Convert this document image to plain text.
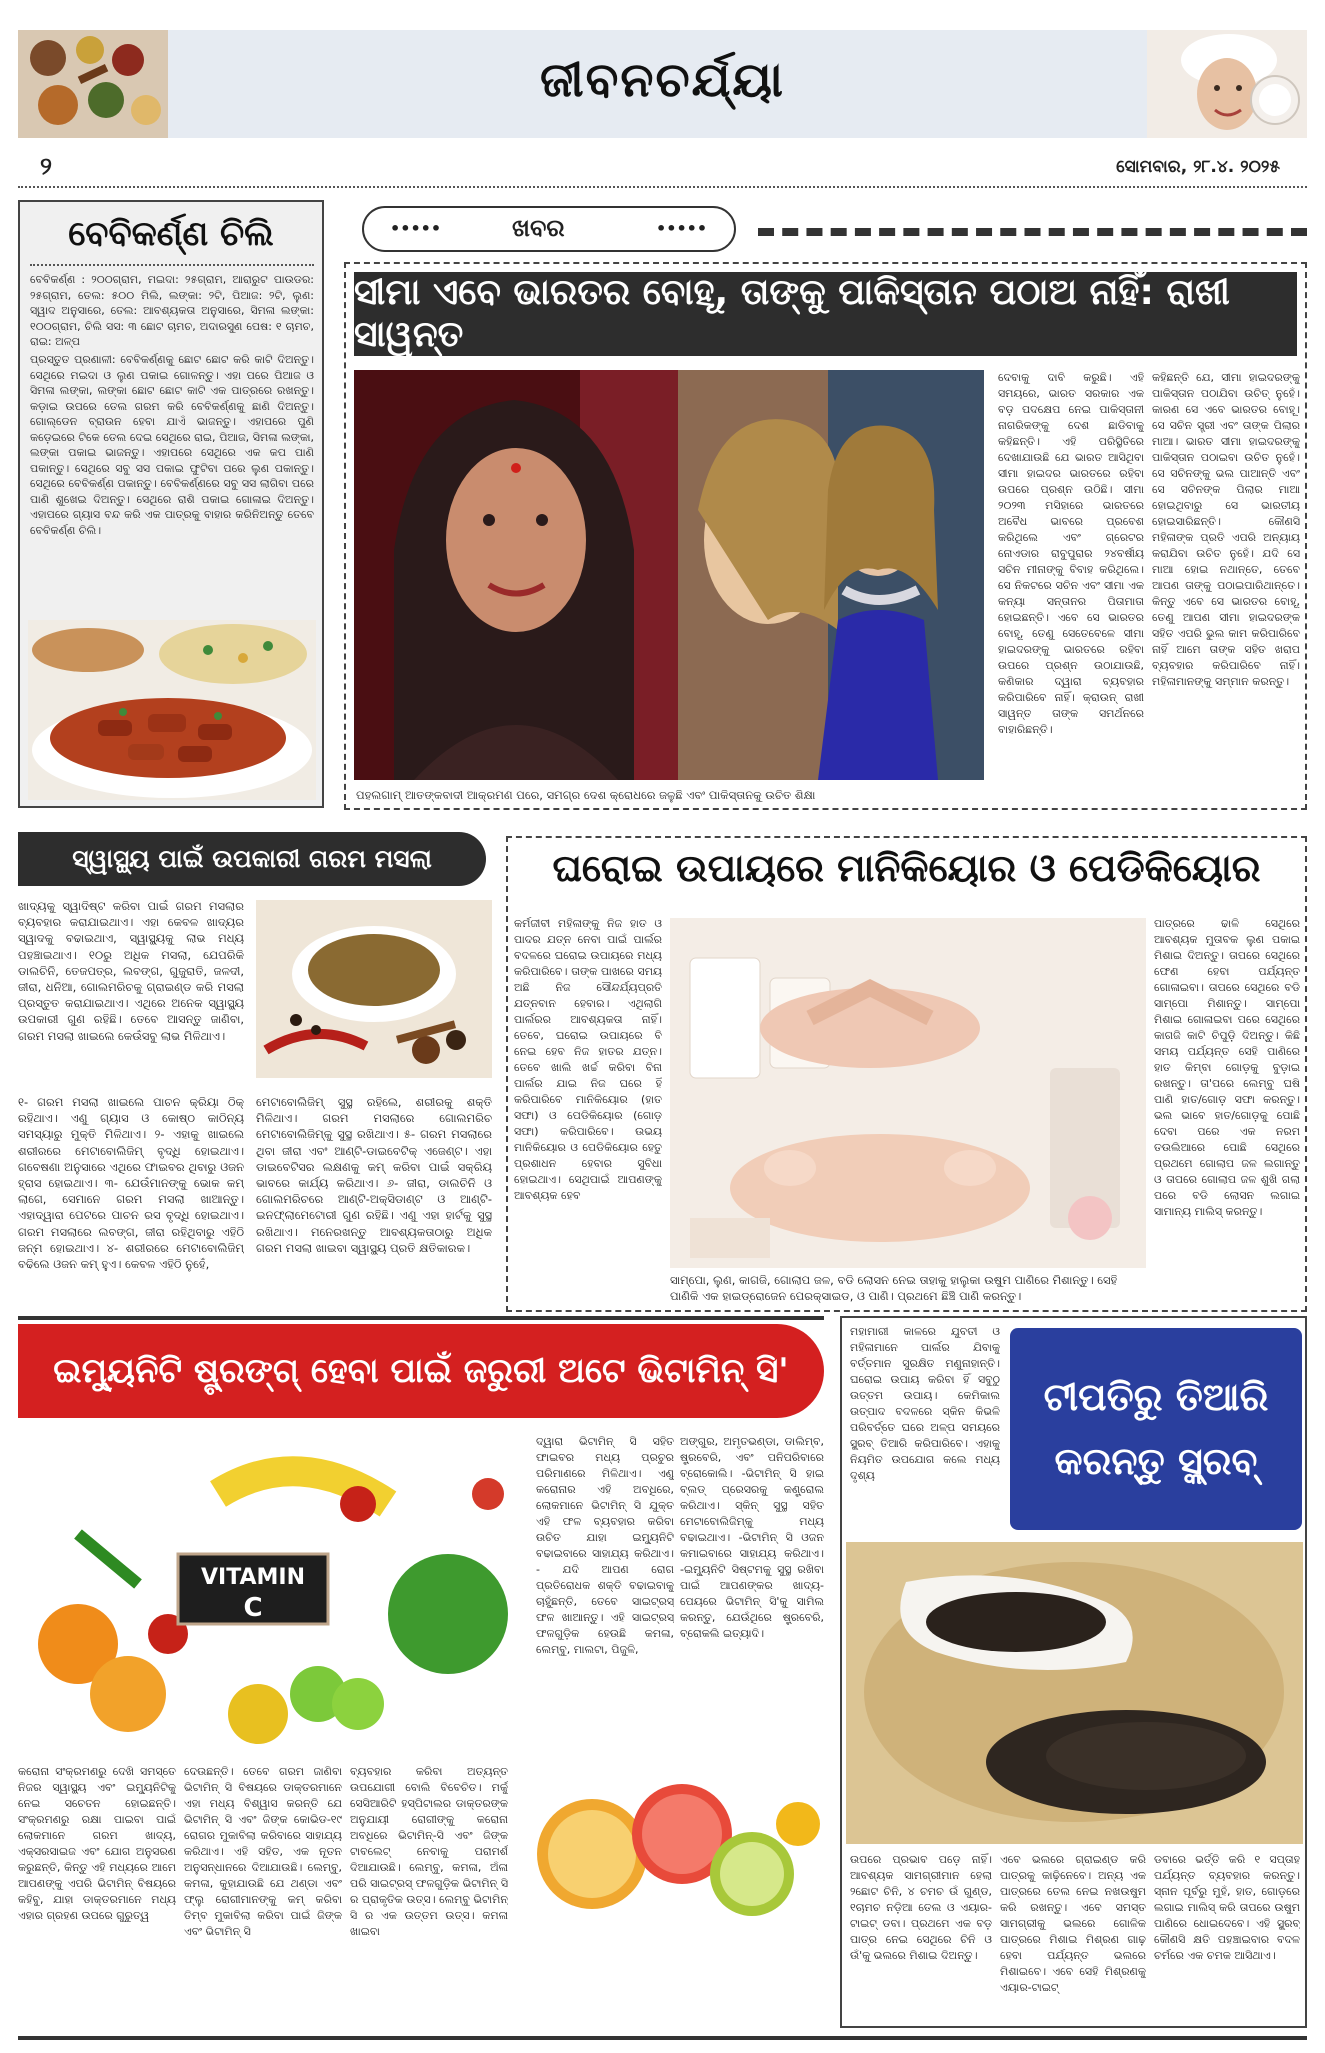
ଜୀବନଚର୍ଯ୍ୟା
୨	ସୋମବାର, ୨୮.୪. ୨୦୨୫
ବେବିକର୍ଣ୍ଣ ଚିଲି
ବେବିକର୍ଣ୍ଣ : ୨୦୦ଗ୍ରାମ, ମଇଦା: ୨୫ଗ୍ରାମ, ଆରାରୁଟ ପାଉଡର: ୨୫ଗ୍ରାମ, ତେଲ: ୫୦୦ ମିଲି, ଲଙ୍କା: ୨ଟି, ପିଆଜ: ୨ଟି, ଲୁଣ: ସ୍ୱାଦ ଅନୁସାରେ, ତେଲ: ଆବଶ୍ୟକତା ଅନୁସାରେ, ସିମଳା ଲଙ୍କା: ୧୦୦ଗ୍ରାମ, ଚିଲି ସସ: ୩ ଛୋଟ ଚାମଚ, ଅଦାରସୁଣ ପେଷ: ୧ ଚାମଚ, ରାଇ: ଅଳ୍ପ
ପ୍ରସ୍ତୁତ ପ୍ରଣାଳୀ: ବେବିକର୍ଣ୍ଣକୁ ଛୋଟ ଛୋଟ କରି କାଟି ଦିଅନ୍ତୁ। ସେଥିରେ ମଇଦା ଓ ଲୁଣ ପକାଇ ଗୋଳନ୍ତୁ। ଏହା ପରେ ପିଆଜ ଓ ସିମଳା ଲଙ୍କା, ଲଙ୍କା ଛୋଟ ଛୋଟ କାଟି ଏକ ପାତ୍ରରେ ରଖନ୍ତୁ। କଡ଼ାଇ ଉପରେ ତେଲ ଗରମ କରି ବେବିକର୍ଣ୍ଣକୁ ଛାଣି ଦିଅନ୍ତୁ। ଗୋଲ୍ଡେନ ବ୍ରାଉନ ହେବା ଯାଏଁ ଭାଜନ୍ତୁ। ଏହାପରେ ପୁଣି କଡ଼େଇରେ ଟିକେ ତେଲ ଦେଇ ସେଥିରେ ରାଇ, ପିଆଜ, ସିମଳା ଲଙ୍କା, ଲଙ୍କା ପକାଇ ଭାଜନ୍ତୁ। ଏହାପରେ ସେଥିରେ ଏକ କପ ପାଣି ପକାନ୍ତୁ। ସେଥିରେ ସବୁ ସସ ପକାଇ ଫୁଟିବା ପରେ ଲୁଣ ପକାନ୍ତୁ। ସେଥିରେ ବେବିକର୍ଣ୍ଣ ପକାନ୍ତୁ। ବେବିକର୍ଣ୍ଣରେ ସବୁ ସସ ଲାଗିବା ପରେ ପାଣି ଶୁଖେଇ ଦିଅନ୍ତୁ। ସେଥିରେ ରାଶି ପକାଇ ଗୋଳାଇ ଦିଅନ୍ତୁ। ଏହାପରେ ଗ୍ୟାସ ବନ୍ଦ କରି ଏକ ପାତ୍ରକୁ ବାହାର କରିନିଅନ୍ତୁ ତେବେ ବେବିକର୍ଣ୍ଣ ଚିଲି।
•••••	ଖବର	•••••
ସୀମା ଏବେ ଭାରତର ବୋହୂ, ତାଙ୍କୁ ପାକିସ୍ତାନ ପଠାଅ ନାହିଁ: ରାଖୀ ସାୱନ୍ତ
ଦେବାକୁ ଦାବି କରୁଛି। ଏହି ସମୟରେ, ଭାରତ ସରକାର ଏକ ବଡ଼ ପଦକ୍ଷେପ ନେଇ ପାକିସ୍ତାନୀ ନାଗରିକଙ୍କୁ ଦେଶ ଛାଡିବାକୁ କହିଛନ୍ତି। ଏହି ପରିସ୍ଥିତିରେ ଦେଖାଯାଉଛି ଯେ ଭାରତ ଆସିଥିବା ସୀମା ହାଇଦର ଭାରତରେ ରହିବା ଉପରେ ପ୍ରଶ୍ନ ଉଠିଛି। ସୀମା ୨୦୨୩ ମସିହାରେ ଭାରତରେ ଅବୈଧ ଭାବରେ ପ୍ରବେଶ କରିଥିଲେ ଏବଂ ଗ୍ରେଟର ନୋଏଡାର ରାବୁପୁରାର ୨୪ବର୍ଷୀୟ ସଚିନ ମୀନାଙ୍କୁ ବିବାହ କରିଥିଲେ। ସେ ନିକଟରେ ସଚିନ ଏବଂ ସୀମା ଏକ କନ୍ୟା ସନ୍ତାନର ପିତାମାତା ହୋଇଛନ୍ତି। ଏବେ ସେ ଭାରତର ବୋହୂ, ତେଣୁ ସେତେବେଳେ ସୀମା ହାଇଦରଙ୍କୁ ଭାରତରେ ରହିବା ଉପରେ ପ୍ରଶ୍ନ ଉଠାଯାଉଛି, କଣିକାର ଦ୍ୱାରା ବ୍ୟବହାର କରିପାରିବେ ନାହିଁ। କ୍ରାଉନ୍ ରାଖୀ ସାୱନ୍ତ ତାଙ୍କ ସମର୍ଥନରେ ବାହାରିଛନ୍ତି।
କହିଛନ୍ତି ଯେ, ସୀମା ହାଇଦରଙ୍କୁ ପାକିସ୍ତାନ ପଠାଯିବା ଉଚିତ୍ ନୁହେଁ। କାରଣ ସେ ଏବେ ଭାରତର ବୋହୂ। ସେ ସଚିନ ସ୍ତ୍ରୀ ଏବଂ ତାଙ୍କ ପିଲାର ମାଆ। ଭାରତ ସୀମା ହାଇଦରଙ୍କୁ ପାକିସ୍ତାନ ପଠାଇବା ଉଚିତ ନୁହେଁ। ସେ ସଚିନଙ୍କୁ ଭଲ ପାଆନ୍ତି ଏବଂ ସେ ସଚିନଙ୍କ ପିଲାର ମାଆ ହୋଇଥିବାରୁ ସେ ଭାରତୀୟ ହୋଇସାରିଛନ୍ତି। କୌଣସି ମହିଳାଙ୍କ ପ୍ରତି ଏପରି ଅନ୍ୟାୟ କରାଯିବା ଉଚିତ ନୁହେଁ। ଯଦି ସେ ମାଆ ହୋଇ ନଥାନ୍ତେ, ତେବେ ଆପଣ ତାଙ୍କୁ ପଠାଇପାରିଥାନ୍ତେ। କିନ୍ତୁ ଏବେ ସେ ଭାରତର ବୋହୂ, ତେଣୁ ଆପଣ ସୀମା ହାଇଦରଙ୍କ ସହିତ ଏପରି ଭୁଲ କାମ କରିପାରିବେ ନାହିଁ ଆମେ ତାଙ୍କ ସହିତ ଖରାପ ବ୍ୟବହାର କରିପାରିବେ ନାହିଁ। ମହିଳାମାନଙ୍କୁ ସମ୍ମାନ କରନ୍ତୁ।
ପହଲଗାମ୍ ଆତଙ୍କବାଦୀ ଆକ୍ରମଣ ପରେ, ସମଗ୍ର ଦେଶ କ୍ରୋଧରେ ଜଳୁଛି ଏବଂ ପାକିସ୍ତାନକୁ ଉଚିତ ଶିକ୍ଷା
ସ୍ୱାସ୍ଥ୍ୟ ପାଇଁ ଉପକାରୀ ଗରମ ମସଲା
ଖାଦ୍ୟକୁ ସ୍ୱାଦିଷ୍ଟ କରିବା ପାଇଁ ଗରମ ମସଲାର ବ୍ୟବହାର କରାଯାଇଥାଏ। ଏହା କେବଳ ଖାଦ୍ୟର ସ୍ୱାଦକୁ ବଢାଇଥାଏ, ସ୍ୱାସ୍ଥ୍ୟକୁ ଲାଭ ମଧ୍ୟ ପହଞ୍ଚାଇଥାଏ। ୧୦ରୁ ଅଧିକ ମସଲା, ଯେପରିକି ଡାଲଚିନି, ତେଜପତ୍ର, ଲବଙ୍ଗ, ଗୁଜୁରାତି, ଜଳଦୀ, ଜୀରା, ଧନିଆ, ଗୋଲମରିଚକୁ ଗ୍ରାଇଣ୍ଡ କରି ମସଲା ପ୍ରସ୍ତୁତ କରାଯାଇଥାଏ। ଏଥିରେ ଅନେକ ସ୍ୱାସ୍ଥ୍ୟ ଉପକାରୀ ଗୁଣ ରହିଛି। ତେବେ ଆସନ୍ତୁ ଜାଣିବା, ଗରମ ମସଲା ଖାଇଲେ କେଉଁସବୁ ଲାଭ ମିଳିଥାଏ।
୧- ଗରମ ମସଲା ଖାଇଲେ ପାଚନ କ୍ରିୟା ଠିକ୍ ରହିଥାଏ। ଏଣୁ ଗ୍ୟାସ ଓ କୋଷ୍ଠ କାଠିନ୍ୟ ସମସ୍ୟାରୁ ମୁକ୍ତି ମିଳିଥାଏ। ୨- ଏହାକୁ ଖାଇଲେ ଶରୀରରେ ମେଟାବୋଲିଜିମ୍ ବୃଦ୍ଧି ହୋଇଥାଏ। ଗବେଷଣା ଅନୁସାରେ ଏଥିରେ ଫାଇବର ଥିବାରୁ ଓଜନ ହ୍ରାସ ହୋଇଥାଏ। ୩- ଯେଉଁମାନଙ୍କୁ ଭୋକ କମ୍ ଲାଗେ, ସେମାନେ ଗରମ ମସଲା ଖାଆନ୍ତୁ। ଏହାଦ୍ୱାରା ପେଟରେ ପାଚନ ରସ ବୃଦ୍ଧି ହୋଇଥାଏ। ଗରମ ମସଲାରେ ଲବଙ୍ଗ, ଜୀରା ରହିଥିବାରୁ ଏହିଠି ଜନ୍ମ ହୋଇଥାଏ। ୪- ଶରୀରରେ ମେଟାବୋଲିଜିମ୍ ବଢିଲେ ଓଜନ କମ୍ ହୁଏ। କେବଳ ଏହିଠି ନୁହେଁ,
ମେଟାବୋଲିଜିମ୍ ସୁସ୍ଥ ରହିଲେ, ଶରୀରକୁ ଶକ୍ତି ମିଳିଥାଏ। ଗରମ ମସଲାରେ ଗୋଲମରିଚ ମେଟାବୋଲିଜିମ୍କୁ ସୁସ୍ଥ ରଖିଥାଏ। ୫- ଗରମ ମସଲାରେ ଥିବା ଜୀରା ଏବଂ ଆଣ୍ଟି-ଡାଇବେଟିକ୍ ଏଜେଣ୍ଟ। ଏହା ଡାଇବେଟିସର ଲକ୍ଷଣକୁ କମ୍ କରିବା ପାଇଁ ସକ୍ରିୟ ଭାବରେ କାର୍ଯ୍ୟ କରିଥାଏ। ୬- ଜୀରା, ଡାଲଚିନି ଓ ଗୋଲମରିଚରେ ଆଣ୍ଟି-ଅକ୍ସିଡାଣ୍ଟ ଓ ଆଣ୍ଟି-ଇନଫ୍ଲାମେଟୋରୀ ଗୁଣ ରହିଛି। ଏଣୁ ଏହା ହାର୍ଟକୁ ସୁସ୍ଥ ରଖିଥାଏ। ମନେରଖନ୍ତୁ ଆବଶ୍ୟକତାଠାରୁ ଅଧିକ ଗରମ ମସଲା ଖାଇବା ସ୍ୱାସ୍ଥ୍ୟ ପ୍ରତି କ୍ଷତିକାରକ।
ଘରୋଇ ଉପାୟରେ ମାନିକିୟୋର ଓ ପେଡିକିୟୋର
କର୍ମଜୀବୀ ମହିଳାଙ୍କୁ ନିଜ ହାତ ଓ ପାଦର ଯତ୍ନ ନେବା ପାଇଁ ପାର୍ଲର ବଦଳରେ ଘରୋଇ ଉପାୟରେ ମଧ୍ୟ କରିପାରିବେ। ତାଙ୍କ ପାଖରେ ସମୟ ଅଛି ନିଜ ସୌନ୍ଦର୍ଯ୍ୟପ୍ରତି ଯତ୍ନବାନ ହେବାର। ଏଥିଲାଗି ପାର୍ଲରର ଆବଶ୍ୟକତା ନାହିଁ। ତେବେ, ଘରୋଇ ଉପାୟରେ ବି ନେଇ ହେବ ନିଜ ହାତର ଯତ୍ନ। ତେବେ ଖାଲି ଖର୍ଚ୍ଚ କରିବା ବିନା ପାର୍ଲର ଯାଇ ନିଜ ଘରେ ହିଁ କରିପାରିବେ ମାନିକିୟୋର (ହାତ ସଫା) ଓ ପେଡିକିୟୋର (ଗୋଡ଼ ସଫା) କରିପାରିବେ। ଉଭୟ ମାନିକିୟୋର ଓ ପେଡିକିୟୋର ହେତୁ ପ୍ରଶାଧନ ହେବାର ସୁବିଧା ହୋଇଥାଏ। ସେଥିପାଇଁ ଆପଣଙ୍କୁ ଆବଶ୍ୟକ ହେବ
ସାମ୍ପୋ, ଲୁଣ, କାଗଜି, ଗୋଲାପ ଜଳ, ବଡି ଲୋସନ ନେଇ ତାହାକୁ ହାଲୁକା ଉଷୁମ ପାଣିରେ ମିଶାନ୍ତୁ। ସେହି ପାଣିକି ଏକ ହାଇଡ୍ରୋଜେନ ପେରକ୍ସାଇଡ, ଓ ପାଣି। ପ୍ରଥମେ ଛିଞ୍ଚି ପାଣି କରନ୍ତୁ।
ପାତ୍ରରେ ଢାଳି ସେଥିରେ ଆବଶ୍ୟକ ମୁତାବକ ଲୁଣ ପକାଇ ମିଶାଇ ଦିଅନ୍ତୁ। ତାପରେ ସେଥିରେ ଫେଣ ହେବା ପର୍ଯ୍ୟନ୍ତ ଗୋଳାଇବା। ତାପରେ ସେଥିରେ ବଡି ସାମ୍ପୋ ମିଶାନ୍ତୁ। ସାମ୍ପୋ ମିଶାଇ ଗୋଳାଇବା ପରେ ସେଥିରେ କାଗଜି କାଟି ଚିପୁଡ଼ି ଦିଅନ୍ତୁ। କିଛି ସମୟ ପର୍ଯ୍ୟନ୍ତ ସେହି ପାଣିରେ ହାତ କିମ୍ବା ଗୋଡ଼କୁ ବୁଡ଼ାଇ ରଖନ୍ତୁ। ତା'ପରେ ଲେମ୍ବୁ ଘଷି ପାଣି ହାତ/ଗୋଡ଼ ସଫା କରନ୍ତୁ। ଭଲ ଭାବେ ହାତ/ଗୋଡ଼କୁ ପୋଛି ଦେବା ପରେ ଏକ ନରମ ତଉଲିଆରେ ପୋଛି ସେଥିରେ ପ୍ରଥମେ ଗୋଲାପ ଜଳ ଲଗାନ୍ତୁ ଓ ତାପରେ ଗୋଲାପ ଜଳ ଶୁଖି ଗଲା ପରେ ବଡି ଲୋସନ ଲଗାଇ ସାମାନ୍ୟ ମାଲିସ୍ କରନ୍ତୁ।
ଇମ୍ୟୁନିଟି ଷ୍ଟ୍ରଙ୍ଗ୍ ହେବା ପାଇଁ ଜରୁରୀ ଅଟେ ଭିଟାମିନ୍ ସି'
VITAMIN
C
ଦ୍ୱାରା ଭିଟାମିନ୍ ସି ସହିତ ଫାଇବର ମଧ୍ୟ ପ୍ରଚୁର ପରିମାଣରେ ମିଳିଥାଏ। ଏଣୁ କରୋନାର ଏହି ଅବଧିରେ, ଲୋକମାନେ ଭିଟାମିନ୍ ସି ଯୁକ୍ତ ଏହି ଫଳ ବ୍ୟବହାର କରିବା ଉଚିତ ଯାହା ଇମ୍ୟୁନିଟି ବଢାଇବାରେ ସାହାଯ୍ୟ କରିଥାଏ। - ଯଦି ଆପଣ ରୋଗ ପ୍ରତିରୋଧକ ଶକ୍ତି ବଢାଇବାକୁ ଚାହୁଁଛନ୍ତି, ତେବେ ସାଇଟ୍ରସ୍ ଫଳ ଖାଆନ୍ତୁ। ଏହି ସାଇଟ୍ରସ୍ ଫଳଗୁଡ଼ିକ ହେଉଛି କମଳା, ଲେମ୍ବୁ, ମାଲଟା, ପିଜୁଳି,
ଅଙ୍ଗୁର, ଅମୃତଭଣ୍ଡା, ଡାଲିମ୍ବ, ଷ୍ଟ୍ରବେରି, ଏବଂ ପନିପରିବାରେ ବ୍ରୋକୋଲି। -ଭିଟାମିନ୍ ସି ହାଇ ବ୍ଲଡ୍ ପ୍ରେସରକୁ କଣ୍ଟ୍ରୋଲ କରିଥାଏ। ସ୍କିନ୍ ସୁସ୍ଥ ସହିତ ମେଟାବୋଲିଜିମ୍କୁ ମଧ୍ୟ ବଢାଇଥାଏ। -ଭିଟାମିନ୍ ସି ଓଜନ କମାଇବାରେ ସାହାଯ୍ୟ କରିଥାଏ। -ଇମ୍ୟୁନିଟି ସିଷ୍ଟମକୁ ସୁସ୍ଥ ରଖିବା ପାଇଁ ଆପଣଙ୍କର ଖାଦ୍ୟ-ପେୟରେ ଭିଟାମିନ୍ ସି'କୁ ସାମିଲ କରନ୍ତୁ, ଯେଉଁଥିରେ ଷ୍ଟ୍ରବେରି, ବ୍ରୋକଲି ଇତ୍ୟାଦି।
କରୋନା ସଂକ୍ରମଣରୁ ଦେଖି ସମସ୍ତେ ନିଜର ସ୍ୱାସ୍ଥ୍ୟ ଏବଂ ଇମ୍ୟୁନିଟିକୁ ନେଇ ସଚେତନ ହୋଇଛନ୍ତି। ସଂକ୍ରମଣରୁ ରକ୍ଷା ପାଇବା ପାଇଁ ଲୋକମାନେ ଗରମ ଖାଦ୍ୟ, ଏକ୍ସରସାଇଜ ଏବଂ ଯୋଗ ଅନୁସରଣ କରୁଛନ୍ତି, କିନ୍ତୁ ଏହି ମଧ୍ୟରେ ଆମେ ଆପଣଙ୍କୁ ଏପରି ଭିଟାମିନ୍ ବିଷୟରେ କହିବୁ, ଯାହା ଡାକ୍ତରମାନେ ମଧ୍ୟ ଏହାର ଗ୍ରହଣ ଉପରେ ଗୁରୁତ୍ୱ
ଦେଉଛନ୍ତି। ତେବେ ଗରମ ଜାଣିବା ଭିଟାମିନ୍ ସି ବିଷୟରେ ଡାକ୍ତରମାନେ ଏହା ମଧ୍ୟ ବିଶ୍ୱାସ କରନ୍ତି ଯେ ଭିଟାମିନ୍ ସି ଏବଂ ଜିଙ୍କ କୋଭିଡ-୧୯ ରୋଗର ମୁକାବିଲା କରିବାରେ ସାହାଯ୍ୟ କରିଥାଏ। ଏହି ସହିତ, ଏକ ନୂତନ ଅନୁସନ୍ଧାନରେ ଦିଆଯାଉଛି। ଲେମ୍ବୁ, କମଳା, କୁହାଯାଉଛି ଯେ ଥଣ୍ଡା ଏବଂ ଫ୍ଲୁ ରୋଗୀମାନଙ୍କୁ କମ୍ କରିବା ତିମ୍ବ ମୁକାବିଲା କରିବା ପାଇଁ ଜିଙ୍କ ଏବଂ ଭିଟାମିନ୍ ସି
ବ୍ୟବହାର କରିବା ଅତ୍ୟନ୍ତ ଉପଯୋଗୀ ବୋଲି ବିବେଚିତ। ମର୍କୁ ସେସିଆରିଟି ହସ୍ପିଟାଲର ଡାକ୍ତରଙ୍କ ଅନୁଯାୟୀ ରୋଗୀଙ୍କୁ କରୋନା ଅବଧିରେ ଭିଟାମିନ୍-ସି ଏବଂ ଜିଙ୍କ ଟାବଲେଟ୍ ନେବାକୁ ପରାମର୍ଶ ଦିଆଯାଉଛି। ଲେମ୍ବୁ, କମଳା, ଅଁଳା ପରି ସାଇଟ୍ରସ୍ ଫଳଗୁଡ଼ିକ ଭିଟାମିନ୍ ସି ର ପ୍ରାକୃତିକ ଉତ୍ସ। ଲେମ୍ବୁ ଭିଟାମିନ୍ ସି ର ଏକ ଉତ୍ତମ ଉତ୍ସ। କମଳା ଖାଇବା
ମହାମାରୀ କାଳରେ ଯୁବତୀ ଓ ମହିଳାମାନେ ପାର୍ଲର ଯିବାକୁ ବର୍ତ୍ତମାନ ସୁରକ୍ଷିତ ମଣୁନାହାନ୍ତି। ଘରୋଇ ଉପାୟ କରିବା ହିଁ ସବୁଠୁ ଉତ୍ତମ ଉପାୟ। କେମିକାଲ ଉତ୍ପାଦ ବଦଳରେ ସ୍କିନ କିଭଳି ପରିବର୍ତ୍ତେ ଘରେ ଅଳ୍ପ ସମୟରେ ସ୍କ୍ରବ୍ ତିଆରି କରିପାରିବେ। ଏହାକୁ ନିୟମିତ ଉପଯୋଗ କଲେ ମଧ୍ୟ ଦୃଶ୍ୟ
ଟୀପତିରୁ ତିଆରି କରନ୍ତୁ ସ୍କ୍ରବ୍
ଉପରେ ପ୍ରଭାବ ପଡ଼େ ନାହିଁ। ଆବଶ୍ୟକ ସାମଗ୍ରୀମାନ ହେଲା ୨ଛୋଟ ଚିନି, ୪ ଚମଚ ଉଁ ଗୁଣ୍ଡ, ୧ଚାମଚ ନଡ଼ିଆ ତେଲ ଓ ଏୟାର-ଟାଇଟ୍ ଡବା। ପ୍ରଥମେ ଏକ ବଡ଼ ପାତ୍ର ନେଇ ସେଥିରେ ଚିନି ଓ ଉଁ'କୁ ଭଲରେ ମିଶାଇ ଦିଅନ୍ତୁ।
ଏବେ ଭଲରେ ଗ୍ରାଇଣ୍ଡ କରି ପାତ୍ରକୁ କାଢ଼ିନେବେ। ଅନ୍ୟ ଏକ ପାତ୍ରରେ ତେଲ ନେଇ ନଖଉଷୁମ କରି ରଖନ୍ତୁ। ଏବେ ସମସ୍ତ ସାମଗ୍ରୀକୁ ଭଲରେ ଗୋଳିକ ପାତ୍ରରେ ମିଶାଇ ମିଶ୍ରଣ ଗାଢ଼ ହେବା ପର୍ଯ୍ୟନ୍ତ ଭଲରେ ମିଶାଇବେ। ଏବେ ସେହି ମିଶ୍ରଣକୁ ଏୟାର-ଟାଇଟ୍
ଡବାରେ ଭର୍ତ୍ତି କରି ୧ ସପ୍ତାହ ପର୍ଯ୍ୟନ୍ତ ବ୍ୟବହାର କରନ୍ତୁ। ସ୍ନାନ ପୂର୍ବରୁ ମୁହଁ, ହାତ, ଗୋଡ଼ରେ ଲଗାଇ ମାଲିସ୍ କରି ତାପରେ ଉଷୁମ ପାଣିରେ ଧୋଇଦେବେ। ଏହି ସ୍କ୍ରବ୍ କୌଣସି କ୍ଷତି ପହଞ୍ଚାଇବାର ବଦଳ ଚର୍ମରେ ଏକ ଚମକ ଆସିଥାଏ।
